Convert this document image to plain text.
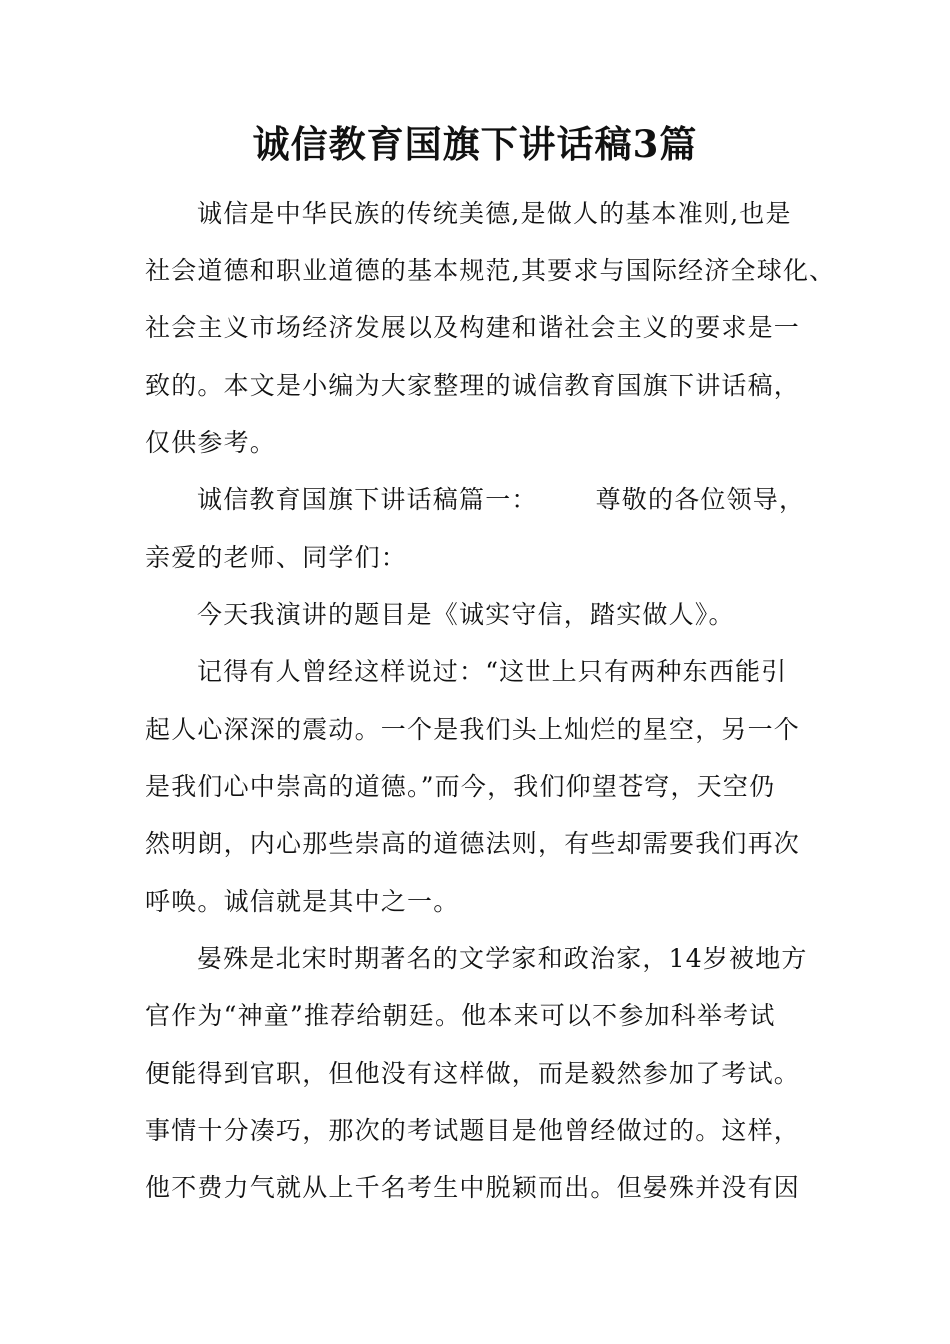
诚信教育国旗下讲话稿3篇
诚信是中华民族的传统美德,是做人的基本准则,也是
社会道德和职业道德的基本规范,其要求与国际经济全球化、
社会主义市场经济发展以及构建和谐社会主义的要求是一
致的。本文是小编为大家整理的诚信教育国旗下讲话稿，
仅供参考。
诚信教育国旗下讲话稿篇一： 尊敬的各位领导，
亲爱的老师、同学们：
今天我演讲的题目是《诚实守信，踏实做人》。
记得有人曾经这样说过：“这世上只有两种东西能引
起人心深深的震动。一个是我们头上灿烂的星空，另一个
是我们心中崇高的道德。”而今，我们仰望苍穹，天空仍
然明朗，内心那些崇高的道德法则，有些却需要我们再次
呼唤。诚信就是其中之一。
晏殊是北宋时期著名的文学家和政治家，14岁被地方
官作为“神童”推荐给朝廷。他本来可以不参加科举考试
便能得到官职，但他没有这样做，而是毅然参加了考试。
事情十分凑巧，那次的考试题目是他曾经做过的。这样，
他不费力气就从上千名考生中脱颖而出。但晏殊并没有因
